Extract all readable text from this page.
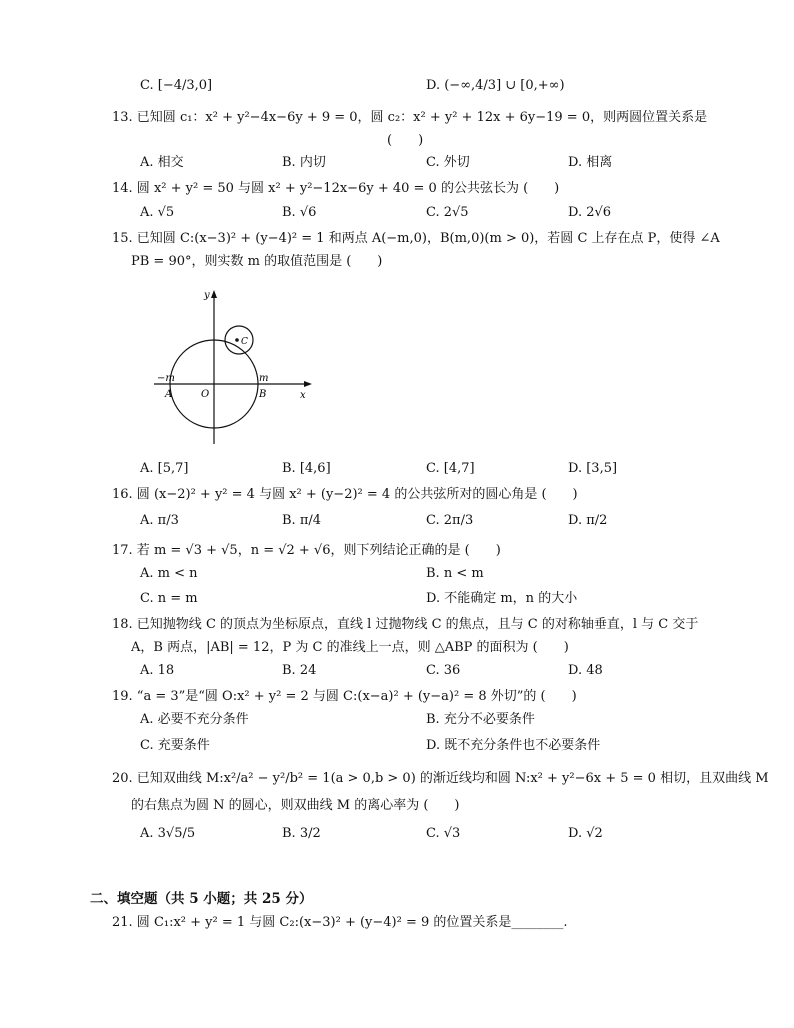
C. [−4/3,0]	D. (−∞,4/3] ∪ [0,+∞)
13. 已知圆 c₁：x² + y²−4x−6y + 9 = 0，圆 c₂：x² + y² + 12x + 6y−19 = 0，则两圆位置关系是
(　　)
A. 相交	B. 内切	C. 外切	D. 相离
14. 圆 x² + y² = 50 与圆 x² + y²−12x−6y + 40 = 0 的公共弦长为 (　　)
A. √5	B. √6	C. 2√5	D. 2√6
15. 已知圆 C:(x−3)² + (y−4)² = 1 和两点 A(−m,0)，B(m,0)(m > 0)，若圆 C 上存在点 P，使得 ∠A
PB = 90°，则实数 m 的取值范围是 (　　)
y
x
O
−m	m
A	B
C
A. [5,7]	B. [4,6]	C. [4,7]	D. [3,5]
16. 圆 (x−2)² + y² = 4 与圆 x² + (y−2)² = 4 的公共弦所对的圆心角是 (　　)
A. π/3	B. π/4	C. 2π/3	D. π/2
17. 若 m = √3 + √5，n = √2 + √6，则下列结论正确的是 (　　)
A. m < n	B. n < m
C. n = m	D. 不能确定 m，n 的大小
18. 已知抛物线 C 的顶点为坐标原点，直线 l 过抛物线 C 的焦点，且与 C 的对称轴垂直，l 与 C 交于
A，B 两点，|AB| = 12，P 为 C 的准线上一点，则 △ABP 的面积为 (　　)
A. 18	B. 24	C. 36	D. 48
19. “a = 3”是“圆 O:x² + y² = 2 与圆 C:(x−a)² + (y−a)² = 8 外切”的 (　　)
A. 必要不充分条件	B. 充分不必要条件
C. 充要条件	D. 既不充分条件也不必要条件
20. 已知双曲线 M:x²/a² − y²/b² = 1(a > 0,b > 0) 的渐近线均和圆 N:x² + y²−6x + 5 = 0 相切，且双曲线 M
的右焦点为圆 N 的圆心，则双曲线 M 的离心率为 (　　)
A. 3√5/5	B. 3/2	C. √3	D. √2
二、填空题（共 5 小题；共 25 分）
21. 圆 C₁:x² + y² = 1 与圆 C₂:(x−3)² + (y−4)² = 9 的位置关系是________.
